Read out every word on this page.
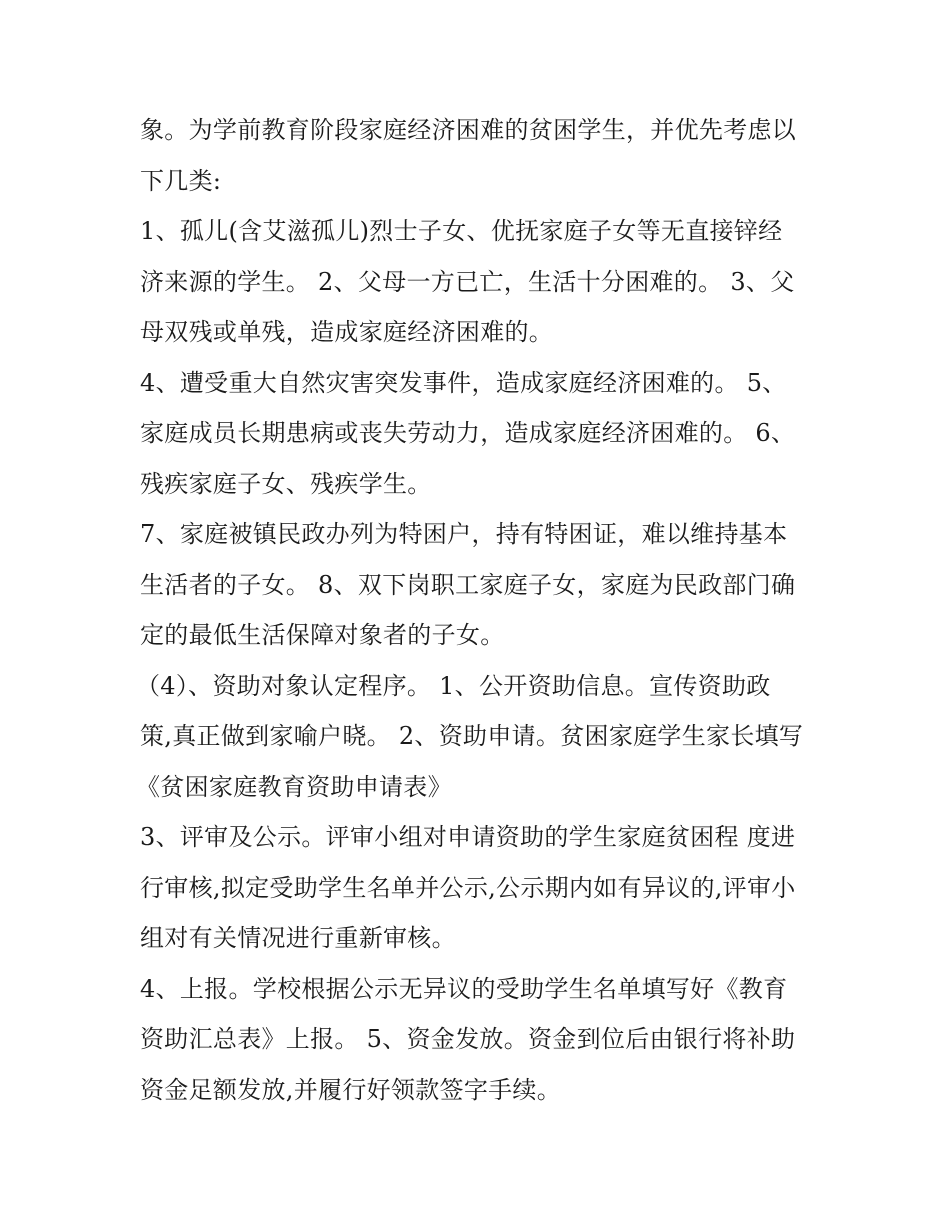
象。为学前教育阶段家庭经济困难的贫困学生，并优先考虑以
下几类:
1、孤儿(含艾滋孤儿)烈士子女、优抚家庭子女等无直接锌经
济来源的学生。 2、父母一方已亡，生活十分困难的。 3、父
母双残或单残，造成家庭经济困难的。
4、遭受重大自然灾害突发事件，造成家庭经济困难的。 5、
家庭成员长期患病或丧失劳动力，造成家庭经济困难的。 6、
残疾家庭子女、残疾学生。
7、家庭被镇民政办列为特困户，持有特困证，难以维持基本
生活者的子女。 8、双下岗职工家庭子女，家庭为民政部门确
定的最低生活保障对象者的子女。
（4）、资助对象认定程序。 1、公开资助信息。宣传资助政
策,真正做到家喻户晓。 2、资助申请。贫困家庭学生家长填写
《贫困家庭教育资助申请表》
3、评审及公示。评审小组对申请资助的学生家庭贫困程 度进
行审核,拟定受助学生名单并公示,公示期内如有异议的,评审小
组对有关情况进行重新审核。
4、上报。学校根据公示无异议的受助学生名单填写好《教育
资助汇总表》上报。 5、资金发放。资金到位后由银行将补助
资金足额发放,并履行好领款签字手续。
